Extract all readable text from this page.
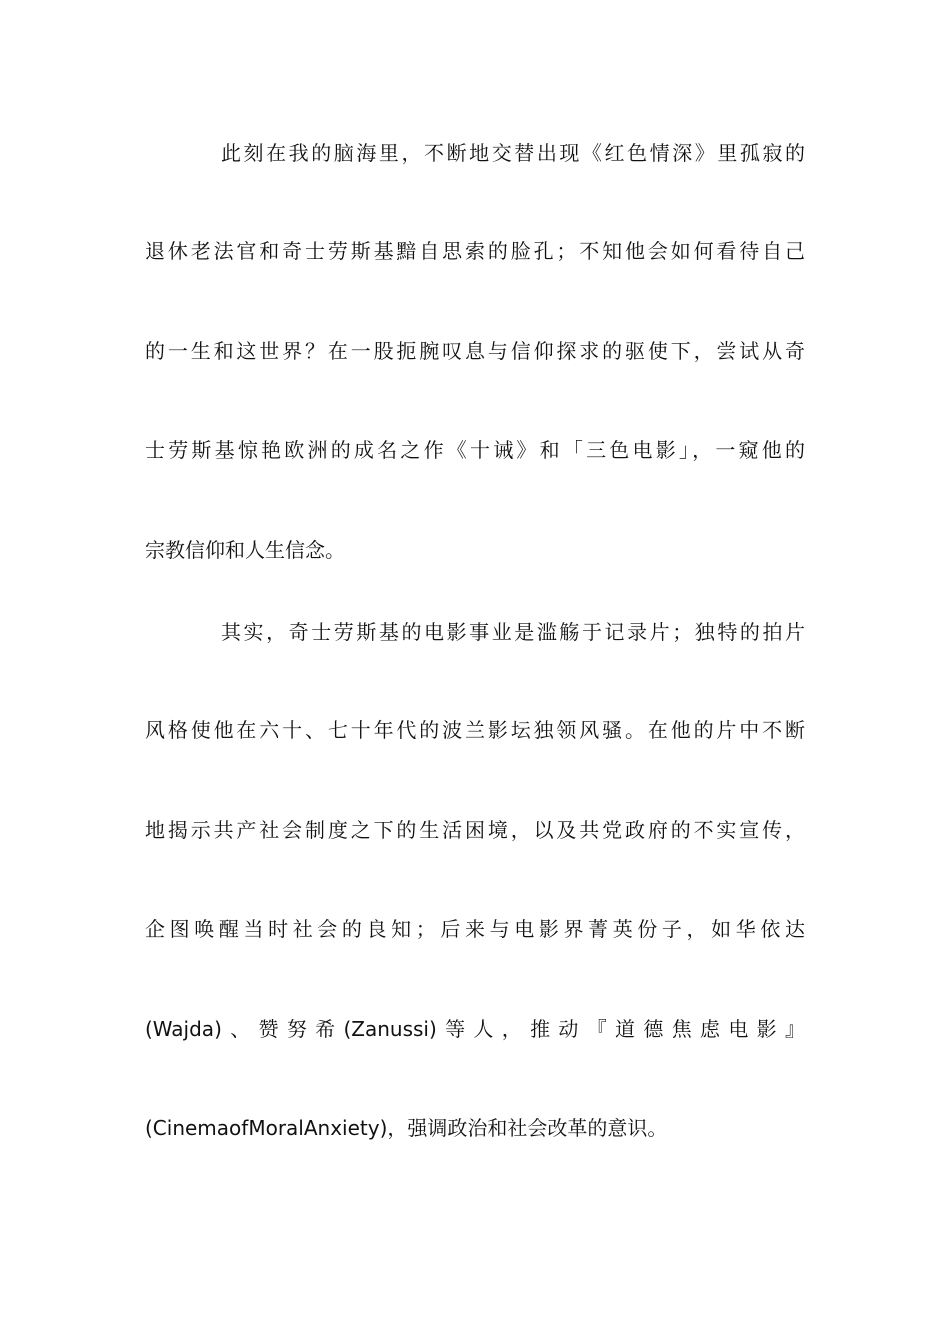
此刻在我的脑海里，不断地交替出现《红色情深》里孤寂的
退休老法官和奇士劳斯基黯自思索的脸孔；不知他会如何看待自己
的一生和这世界？在一股扼腕叹息与信仰探求的驱使下，尝试从奇
士劳斯基惊艳欧洲的成名之作《十诫》和「三色电影」，一窥他的
宗教信仰和人生信念。
其实，奇士劳斯基的电影事业是滥觞于记录片；独特的拍片
风格使他在六十、七十年代的波兰影坛独领风骚。在他的片中不断
地揭示共产社会制度之下的生活困境，以及共党政府的不实宣传，
企图唤醒当时社会的良知；后来与电影界菁英份子，如华依达
(Wajda)、赞努希(Zanussi)等人，推动『道德焦虑电影』
(CinemaofMoralAnxiety)，强调政治和社会改革的意识。
